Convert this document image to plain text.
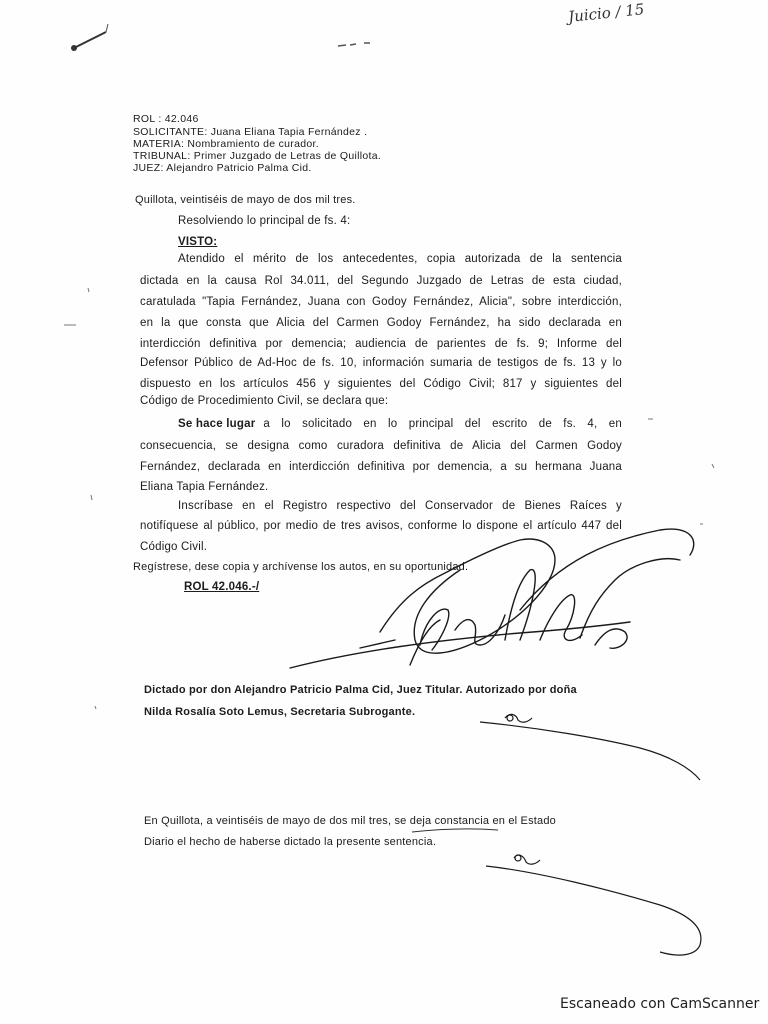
Juicio / 15
ROL : 42.046
SOLICITANTE: Juana Eliana Tapia Fernández .
MATERIA: Nombramiento de curador.
TRIBUNAL: Primer Juzgado de Letras de Quillota.
JUEZ: Alejandro Patricio Palma Cid.
Quillota, veintiséis de mayo de dos mil tres.
Resolviendo lo principal de fs. 4:
VISTO:
Atendido el mérito de los antecedentes, copia autorizada de la sentencia
dictada en la causa Rol 34.011, del Segundo Juzgado de Letras de esta ciudad,
caratulada "Tapia Fernández, Juana con Godoy Fernández, Alicia", sobre interdicción,
en la que consta que Alicia del Carmen Godoy Fernández, ha sido declarada en
interdicción definitiva por demencia; audiencia de parientes de fs. 9; Informe del
Defensor Público de Ad-Hoc de fs. 10, información sumaria de testigos de fs. 13 y lo
dispuesto en los artículos 456 y siguientes del Código Civil; 817 y siguientes del
Código de Procedimiento Civil, se declara que:
Se hace lugar a lo solicitado en lo principal del escrito de fs. 4, en
consecuencia, se designa como curadora definitiva de Alicia del Carmen Godoy
Fernández, declarada en interdicción definitiva por demencia, a su hermana Juana
Eliana Tapia Fernández.
Inscríbase en el Registro respectivo del Conservador de Bienes Raíces y
notifíquese al público, por medio de tres avisos, conforme lo dispone el artículo 447 del
Código Civil.
Regístrese, dese copia y archívense los autos, en su oportunidad.
ROL 42.046.-/
Dictado por don Alejandro Patricio Palma Cid, Juez Titular. Autorizado por doña
Nilda Rosalía Soto Lemus, Secretaria Subrogante.
En Quillota, a veintiséis de mayo de dos mil tres, se deja constancia en el Estado
Diario el hecho de haberse dictado la presente sentencia.
Escaneado con CamScanner
